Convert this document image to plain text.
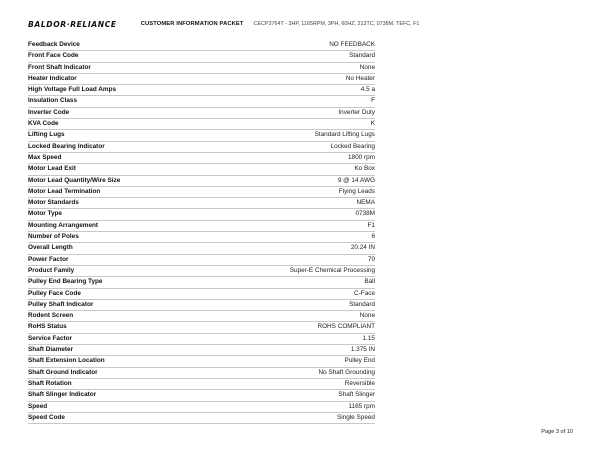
BALDOR·RELIANCE	CUSTOMER INFORMATION PACKET CECP3764T - 3HP, 1165RPM, 3PH, 60HZ, 213TC, 0738M, TEFC, F1
Feedback Device	NO FEEDBACK
Front Face Code	Standard
Front Shaft Indicator	None
Heater Indicator	No Heater
High Voltage Full Load Amps	4.5 a
Insulation Class	F
Inverter Code	Inverter Duty
KVA Code	K
Lifting Lugs	Standard Lifting Lugs
Locked Bearing Indicator	Locked Bearing
Max Speed	1800 rpm
Motor Lead Exit	Ko Box
Motor Lead Quantity/Wire Size	9 @ 14 AWG
Motor Lead Termination	Flying Leads
Motor Standards	NEMA
Motor Type	0738M
Mounting Arrangement	F1
Number of Poles	6
Overall Length	20.24 IN
Power Factor	70
Product Family	Super-E Chemical Processing
Pulley End Bearing Type	Ball
Pulley Face Code	C-Face
Pulley Shaft Indicator	Standard
Rodent Screen	None
RoHS Status	ROHS COMPLIANT
Service Factor	1.15
Shaft Diameter	1.375 IN
Shaft Extension Location	Pulley End
Shaft Ground Indicator	No Shaft Grounding
Shaft Rotation	Reversible
Shaft Slinger Indicator	Shaft Slinger
Speed	1165 rpm
Speed Code	Single Speed
Page 3 of 10
